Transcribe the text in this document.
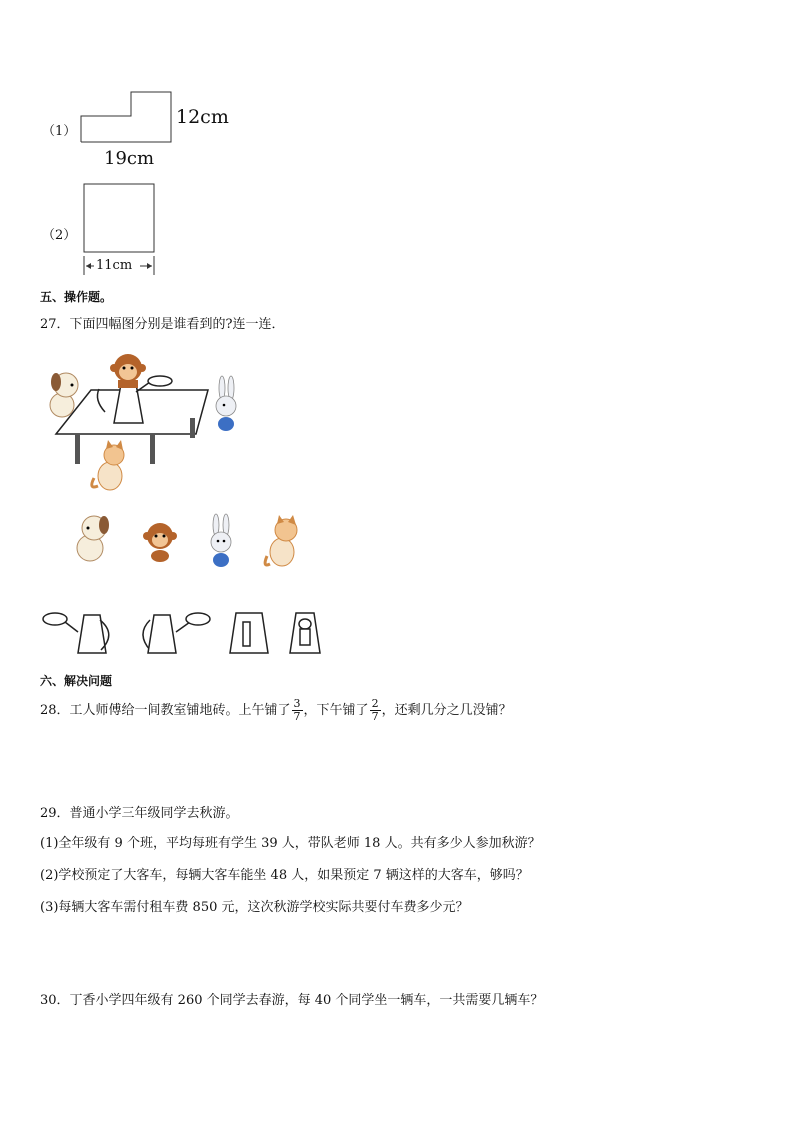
（1）
12cm
19cm
（2）
11cm
五、操作题。
27．下面四幅图分别是谁看到的?连一连．
六、解决问题
28．工人师傅给一间教室铺地砖。上午铺了 $\frac{3}{7}$ ，下午铺了 $\frac{2}{7}$ ，还剩几分之几没铺？
29．普通小学三年级同学去秋游。
(1)全年级有 9 个班，平均每班有学生 39 人，带队老师 18 人。共有多少人参加秋游？
(2)学校预定了大客车，每辆大客车能坐 48 人，如果预定 7 辆这样的大客车，够吗？
(3)每辆大客车需付租车费 850 元，这次秋游学校实际共要付车费多少元？
30．丁香小学四年级有 260 个同学去春游，每 40 个同学坐一辆车，一共需要几辆车？
